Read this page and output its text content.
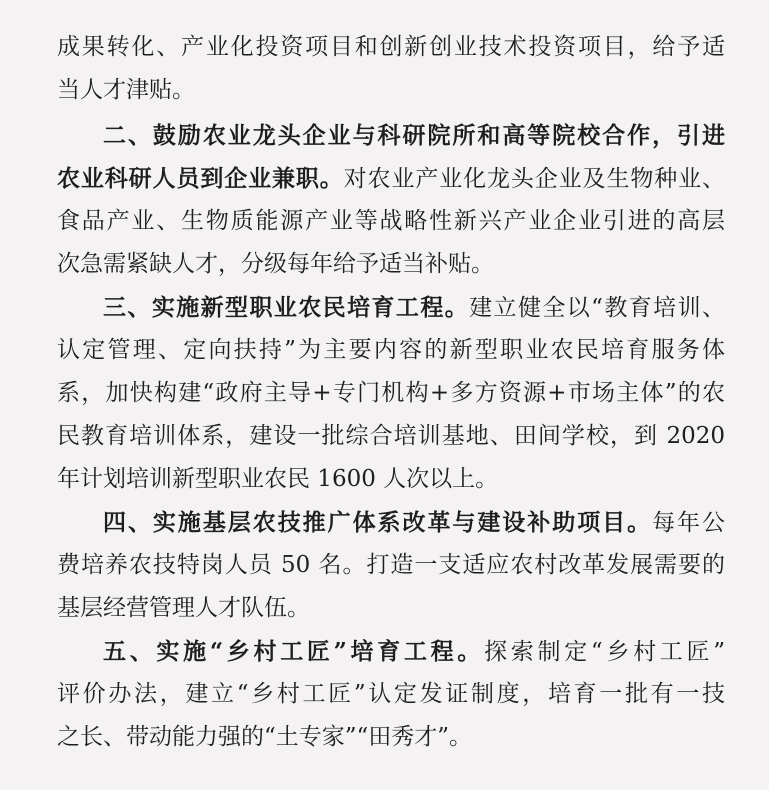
成果转化、产业化投资项目和创新创业技术投资项目，给予适
当人才津贴。
二、鼓励农业龙头企业与科研院所和高等院校合作，引进
农业科研人员到企业兼职。对农业产业化龙头企业及生物种业、
食品产业、生物质能源产业等战略性新兴产业企业引进的高层
次急需紧缺人才，分级每年给予适当补贴。
三、实施新型职业农民培育工程。建立健全以“教育培训、
认定管理、定向扶持”为主要内容的新型职业农民培育服务体
系，加快构建“政府主导+专门机构+多方资源+市场主体”的农
民教育培训体系，建设一批综合培训基地、田间学校，到 2020
年计划培训新型职业农民 1600 人次以上。
四、实施基层农技推广体系改革与建设补助项目。每年公
费培养农技特岗人员 50 名。打造一支适应农村改革发展需要的
基层经营管理人才队伍。
五、实施“乡村工匠”培育工程。探索制定“乡村工匠”
评价办法，建立“乡村工匠”认定发证制度，培育一批有一技
之长、带动能力强的“土专家”“田秀才”。
